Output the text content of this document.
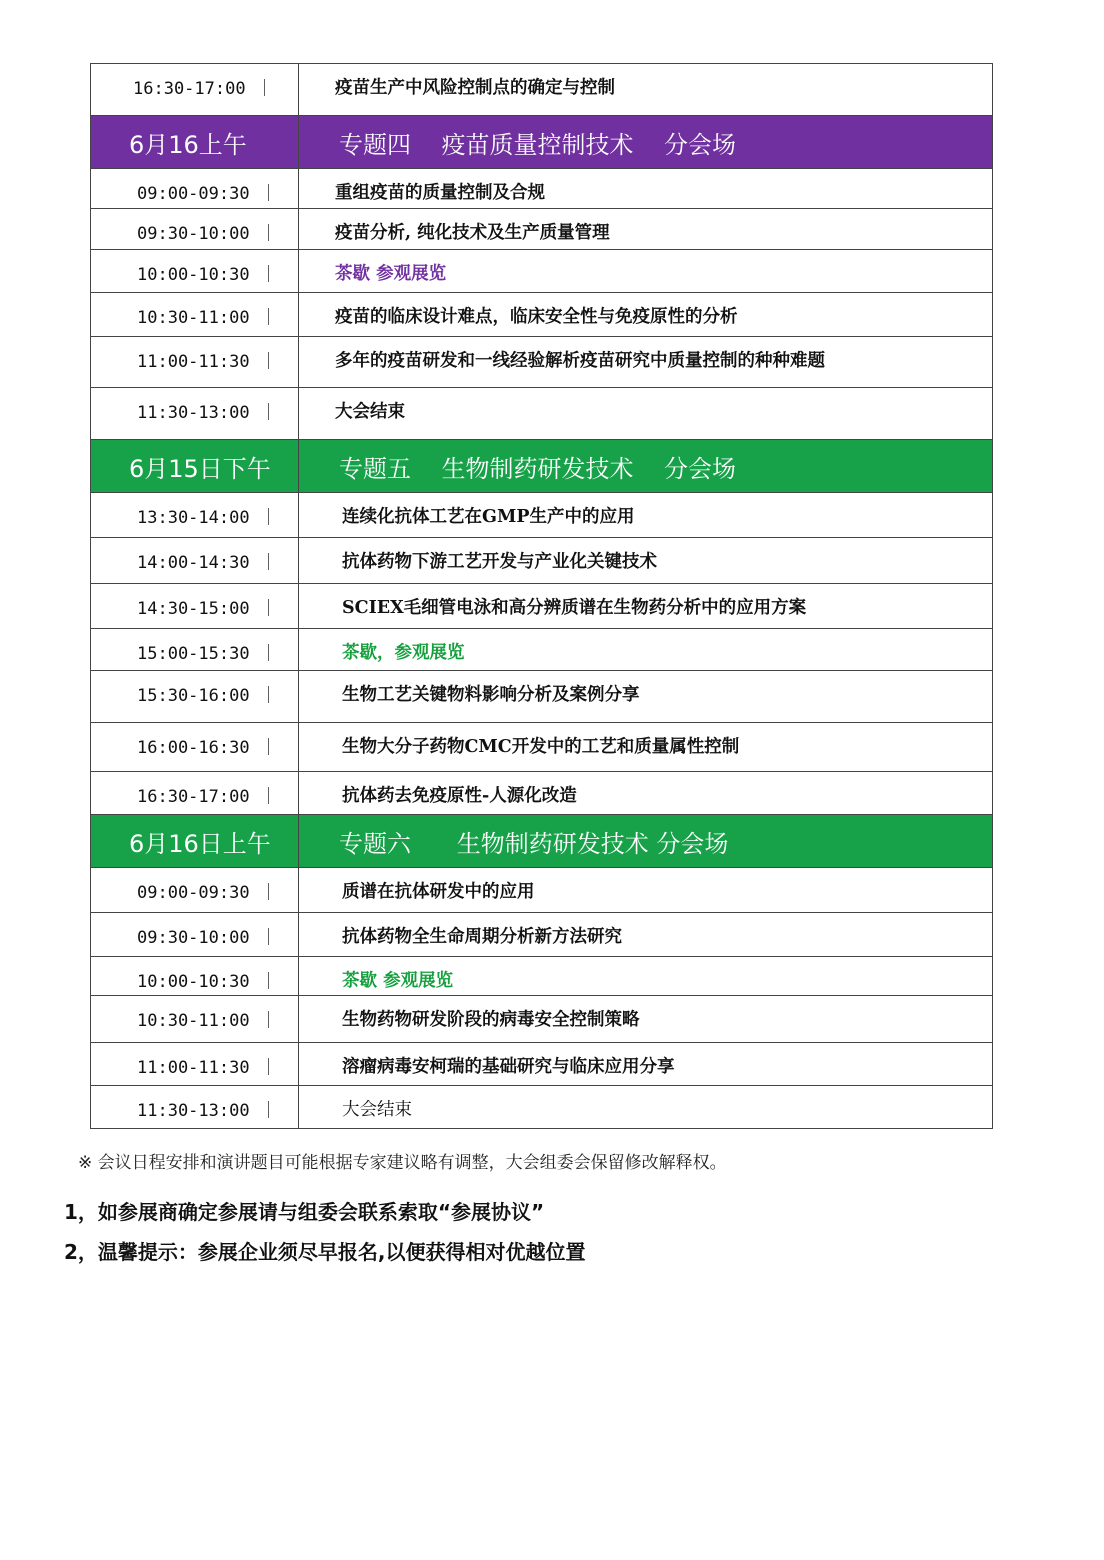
16:30-17:00 ｜	疫苗生产中风险控制点的确定与控制
6月16上午	专题四    疫苗质量控制技术    分会场
09:00-09:30 ｜	重组疫苗的质量控制及合规
09:30-10:00 ｜	疫苗分析, 纯化技术及生产质量管理
10:00-10:30 ｜	茶歇 参观展览
10:30-11:00 ｜	疫苗的临床设计难点，临床安全性与免疫原性的分析
11:00-11:30 ｜	多年的疫苗研发和一线经验解析疫苗研究中质量控制的种种难题
11:30-13:00 ｜	大会结束
6月15日下午	专题五    生物制药研发技术    分会场
13:30-14:00 ｜	连续化抗体工艺在GMP生产中的应用
14:00-14:30 ｜	抗体药物下游工艺开发与产业化关键技术
14:30-15:00 ｜	SCIEX毛细管电泳和高分辨质谱在生物药分析中的应用方案
15:00-15:30 ｜	茶歇，参观展览
15:30-16:00 ｜	生物工艺关键物料影响分析及案例分享
16:00-16:30 ｜	生物大分子药物CMC开发中的工艺和质量属性控制
16:30-17:00 ｜	抗体药去免疫原性-人源化改造
6月16日上午	专题六      生物制药研发技术 分会场
09:00-09:30 ｜	质谱在抗体研发中的应用
09:30-10:00 ｜	抗体药物全生命周期分析新方法研究
10:00-10:30 ｜	茶歇 参观展览
10:30-11:00 ｜	生物药物研发阶段的病毒安全控制策略
11:00-11:30 ｜	溶瘤病毒安柯瑞的基础研究与临床应用分享
11:30-13:00 ｜	大会结束
※ 会议日程安排和演讲题目可能根据专家建议略有调整，大会组委会保留修改解释权。
1，如参展商确定参展请与组委会联系索取“参展协议”
2，温馨提示：参展企业须尽早报名,以便获得相对优越位置
